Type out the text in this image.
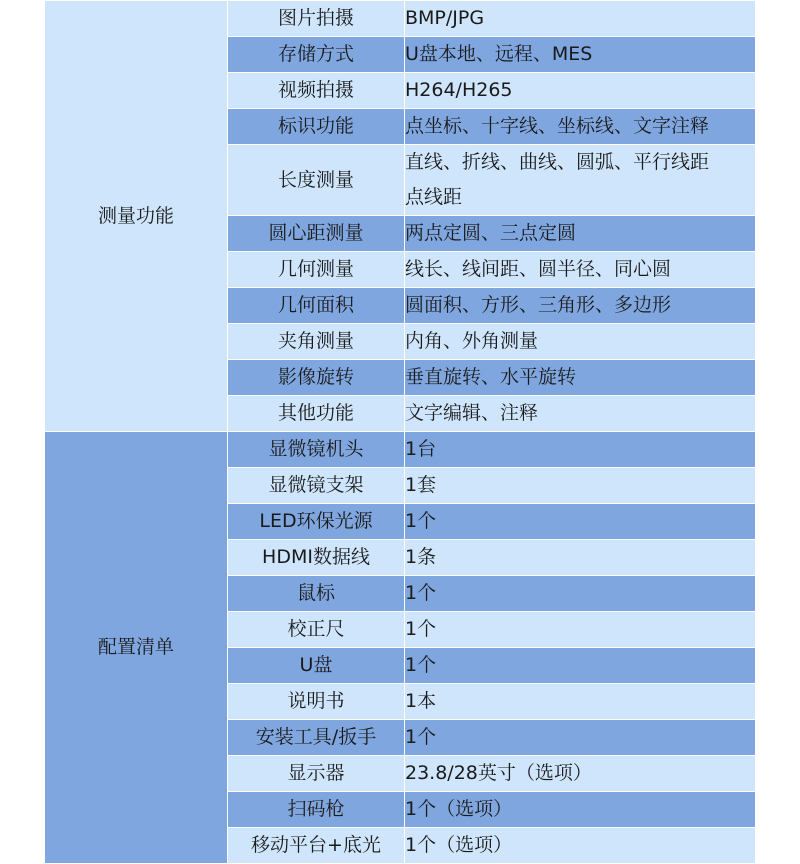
测量功能	图片拍摄	BMP/JPG
	存储方式	U盘本地、远程、MES
	视频拍摄	H264/H265
	标识功能	点坐标、十字线、坐标线、文字注释
	长度测量	直线、折线、曲线、圆弧、平行线距
点线距

	圆心距测量	两点定圆、三点定圆
	几何测量	线长、线间距、圆半径、同心圆
	几何面积	圆面积、方形、三角形、多边形
	夹角测量	内角、外角测量
	影像旋转	垂直旋转、水平旋转
	其他功能	文字编辑、注释
配置清单	显微镜机头	1台
	显微镜支架	1套
	LED环保光源	1个
	HDMI数据线	1条
	鼠标	1个
	校正尺	1个
	U盘	1个
	说明书	1本
	安装工具/扳手	1个
	显示器	23.8/28英寸（选项）
	扫码枪	1个（选项）
	移动平台+底光	1个（选项）
